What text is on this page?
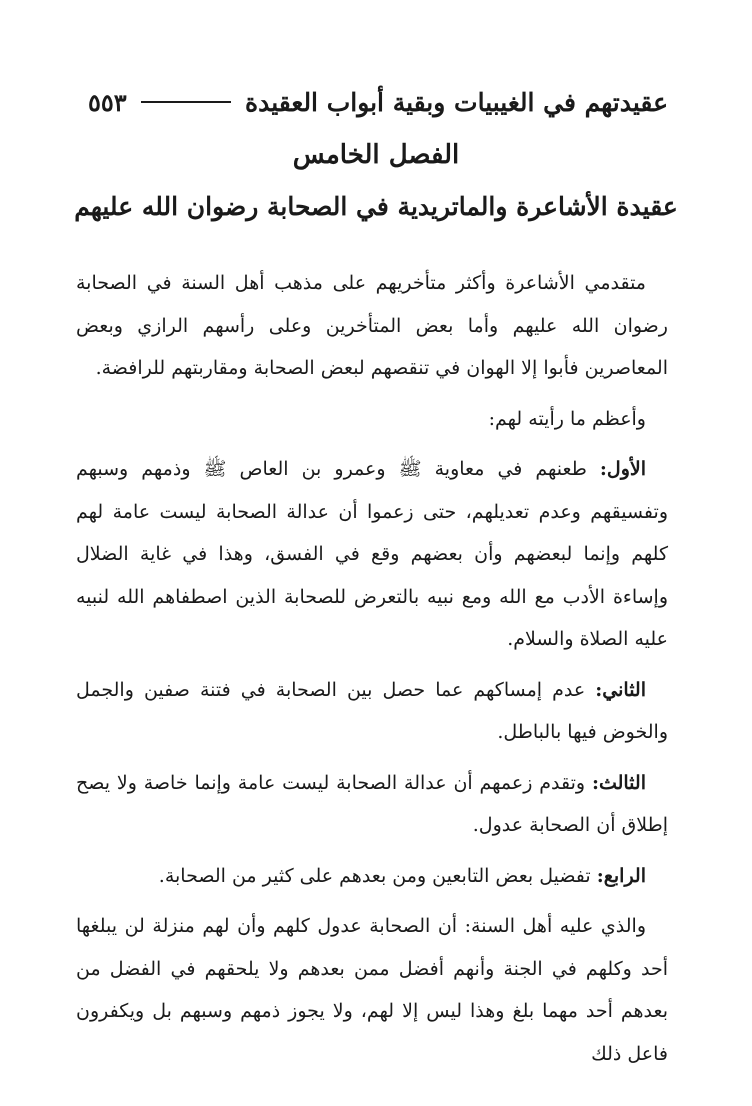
عقيدتهم في الغيبيات وبقية أبواب العقيدة
٥٥٣
الفصل الخامس
عقيدة الأشاعرة والماتريدية في الصحابة رضوان الله عليهم

متقدمي الأشاعرة وأكثر متأخريهم على مذهب أهل السنة في الصحابة رضوان الله عليهم وأما بعض المتأخرين وعلى رأسهم الرازي وبعض المعاصرين فأبوا إلا الهوان في تنقصهم لبعض الصحابة ومقاربتهم للرافضة.

وأعظم ما رأيته لهم:

الأول: طعنهم في معاوية ﷺ وعمرو بن العاص ﷺ وذمهم وسبهم وتفسيقهم وعدم تعديلهم، حتى زعموا أن عدالة الصحابة ليست عامة لهم كلهم وإنما لبعضهم وأن بعضهم وقع في الفسق، وهذا في غاية الضلال وإساءة الأدب مع الله ومع نبيه بالتعرض للصحابة الذين اصطفاهم الله لنبيه عليه الصلاة والسلام.

الثاني: عدم إمساكهم عما حصل بين الصحابة في فتنة صفين والجمل والخوض فيها بالباطل.

الثالث: وتقدم زعمهم أن عدالة الصحابة ليست عامة وإنما خاصة ولا يصح إطلاق أن الصحابة عدول.

الرابع: تفضيل بعض التابعين ومن بعدهم على كثير من الصحابة.

والذي عليه أهل السنة: أن الصحابة عدول كلهم وأن لهم منزلة لن يبلغها أحد وكلهم في الجنة وأنهم أفضل ممن بعدهم ولا يلحقهم في الفضل من بعدهم أحد مهما بلغ وهذا ليس إلا لهم، ولا يجوز ذمهم وسبهم بل ويكفرون فاعل ذلك
